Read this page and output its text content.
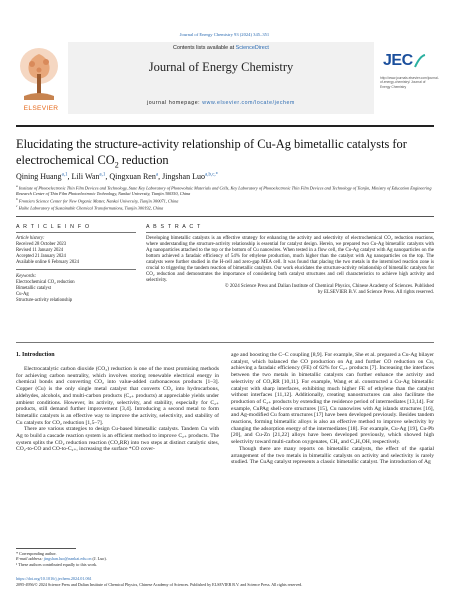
Journal of Energy Chemistry 93 (2024) 345–351
ELSEVIER
Contents lists available at ScienceDirect
Journal of Energy Chemistry
journal homepage: www.elsevier.com/locate/jechem
JEC
http://www.journals.elsevier.com/journal-of-energy-chemistry/ Journal of Energy Chemistry
Elucidating the structure-activity relationship of Cu-Ag bimetallic catalysts for electrochemical $CO_2$ reduction
Qining Huang$^{a,1}$, Lili Wan$^{a,1}$, Qingxuan Ren$^a$, Jingshan Luo$^{a,b,c,*}$
$^a$ Institute of Photoelectronic Thin Film Devices and Technology, State Key Laboratory of Photovoltaic Materials and Cells, Key Laboratory of Photoelectronic Thin Film Devices and Technology of Tianjin, Ministry of Education Engineering Research Center of Thin Film Photoelectronic Technology, Nankai University, Tianjin 300350, China
$^b$ Frontiers Science Center for New Organic Matter, Nankai University, Tianjin 300071, China
$^c$ Haihe Laboratory of Sustainable Chemical Transformations, Tianjin 300192, China
A R T I C L E I N F O
Article history:
Received 28 October 2023
Revised 11 January 2024
Accepted 21 January 2024
Available online 6 February 2024
Keywords:
Electrochemical CO₂ reduction
Bimetallic catalyst
Cu-Ag
Structure-activity relationship
A B S T R A C T
Developing bimetallic catalysts is an effective strategy for enhancing the activity and selectivity of electrochemical CO₂ reduction reactions, where understanding the structure-activity relationship is essential for catalyst design. Herein, we prepared two Cu-Ag bimetallic catalysts with Ag nanoparticles attached to the top or the bottom of Cu nanowires. When tested in a flow cell, the Cu-Ag catalyst with Ag nanoparticles on the bottom achieved a faradaic efficiency of 54% for ethylene production, much higher than the catalyst with Ag nanoparticles on the top. The catalysts were further studied in the H-cell and zero-gap MEA cell. It was found that placing the two metals in the intermixed reaction zone is crucial to triggering the tandem reaction of bimetallic catalysts. Our work elucidates the structure-activity relationship of bimetallic catalysts for CO₂ reduction and demonstrates the importance of considering both catalyst structures and cell characteristics to achieve high activity and selectivity.
© 2024 Science Press and Dalian Institute of Chemical Physics, Chinese Academy of Sciences. Published
by ELSEVIER B.V. and Science Press. All rights reserved.
1. Introduction

Electrocatalytic carbon dioxide (CO₂) reduction is one of the most promising methods for achieving carbon neutrality, which involves storing renewable electrical energy in chemical bonds and converting CO₂ into value-added carbonaceous products [1–3]. Copper (Cu) is the only single metal catalyst that converts CO₂ into hydrocarbons, aldehydes, alcohols, and multi-carbon products (C₂₊ products) at appreciable yields under ambient conditions. However, its activity, selectivity, and stability, especially for C₂₊ products, still demand further improvement [3,4]. Introducing a second metal to form bimetallic catalysts is an effective way to improve the activity, selectivity, and stability of Cu catalysts for CO₂ reduction [1,5–7].

There are various strategies to design Cu-based bimetallic catalysts. Tandem Cu with Ag to build a cascade reaction system is an efficient method to improve C₂₊ products. The system splits the CO₂ reduction reaction (CO₂RR) into two steps at distinct catalytic sites, CO₂-to-CO and CO-to-C₂₊, increasing the surface *CO cover-

age and boosting the C–C coupling [8,9]. For example, She et al. prepared a Cu-Ag bilayer catalyst, which balanced the CO production on Ag and further CO reduction on Cu, achieving a faradaic efficiency (FE) of 62% for C₂₊ products [7]. Increasing the interfaces between the two metals in bimetallic catalysts can further enhance the activity and selectivity of CO₂RR [10,11]. For example, Wang et al. constructed a Cu-Ag bimetallic catalyst with sharp interfaces, exhibiting much higher FE of ethylene than the catalyst without interfaces [11,12]. Additionally, creating nanostructures can also facilitate the production of C₂₊ products by extending the residence period of intermediates [13,14]. For example, CuPAg shell-core structures [15], Cu nanowires with Ag islands structures [16], and Ag-modified Cu foam structures [17] have been developed previously. Besides tandem reactions, forming bimetallic alloys is also an effective method to improve selectivity by changing the adsorption energy of the intermediates [18]. For example, Cu-Ag [19], Cu-Pb [20], and Cu-Zn [21,22] alloys have been developed previously, which showed high selectivity toward multi-carbon oxygenates, CH₄ and C₂H₅OH, respectively.

Though there are many reports on bimetallic catalysts, the effect of the spatial arrangement of the two metals in bimetallic catalysts on activity and selectivity is rarely studied. The CuAg catalyst represents a classic bimetallic catalyst. The introduction of Ag

* Corresponding author.
E-mail address: jingshan.luo@nankai.edu.cn (J. Luo).
¹ These authors contributed equally to this work.
https://doi.org/10.1016/j.jechem.2024.01.061
2095-4956/© 2024 Science Press and Dalian Institute of Chemical Physics, Chinese Academy of Sciences. Published by ELSEVIER B.V. and Science Press. All rights reserved.
